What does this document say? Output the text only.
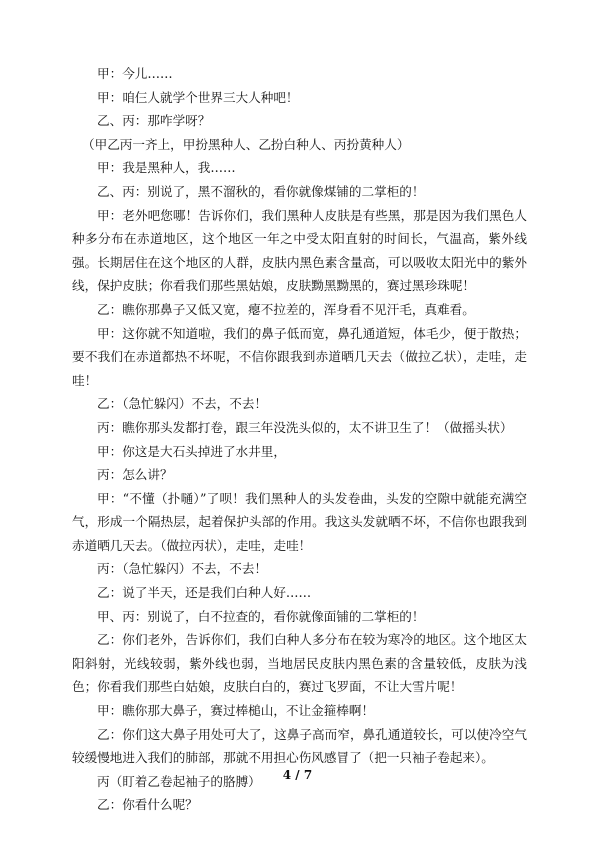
甲：今儿……

甲：咱仨人就学个世界三大人种吧！

乙、丙：那咋学呀？

（甲乙丙一齐上，甲扮黑种人、乙扮白种人、丙扮黄种人）

甲：我是黑种人，我……

乙、丙：别说了，黑不溜秋的，看你就像煤铺的二掌柜的！

甲：老外吧您哪！告诉你们，我们黑种人皮肤是有些黑，那是因为我们黑色人种多分布在赤道地区，这个地区一年之中受太阳直射的时间长，气温高，紫外线强。长期居住在这个地区的人群，皮肤内黑色素含量高，可以吸收太阳光中的紫外线，保护皮肤；你看我们那些黑姑娘，皮肤黝黑黝黑的，赛过黑珍珠呢！

乙：瞧你那鼻子又低又宽，瘪不拉差的，浑身看不见汗毛，真难看。

甲：这你就不知道啦，我们的鼻子低而宽，鼻孔通道短，体毛少，便于散热；要不我们在赤道都热不坏呢，不信你跟我到赤道晒几天去（做拉乙状），走哇，走哇！

乙：（急忙躲闪）不去，不去！

丙：瞧你那头发都打卷，跟三年没洗头似的，太不讲卫生了！（做摇头状）

甲：你这是大石头掉进了水井里，

丙：怎么讲？

甲：“不懂（扑嗵）”了呗！我们黑种人的头发卷曲，头发的空隙中就能充满空气，形成一个隔热层，起着保护头部的作用。我这头发就晒不坏，不信你也跟我到赤道晒几天去。（做拉丙状），走哇，走哇！

丙：（急忙躲闪）不去，不去！

乙：说了半天，还是我们白种人好……

甲、丙：别说了，白不拉查的，看你就像面铺的二掌柜的！

乙：你们老外，告诉你们，我们白种人多分布在较为寒冷的地区。这个地区太阳斜射，光线较弱，紫外线也弱，当地居民皮肤内黑色素的含量较低，皮肤为浅色；你看我们那些白姑娘，皮肤白白的，赛过飞罗面，不让大雪片呢！

甲：瞧你那大鼻子，赛过棒槌山，不让金箍棒啊！

乙：你们这大鼻子用处可大了，这鼻子高而窄，鼻孔通道较长，可以使冷空气较缓慢地进入我们的肺部，那就不用担心伤风感冒了（把一只袖子卷起来）。

丙（盯着乙卷起袖子的胳膊）

乙：你看什么呢？

4 / 7
